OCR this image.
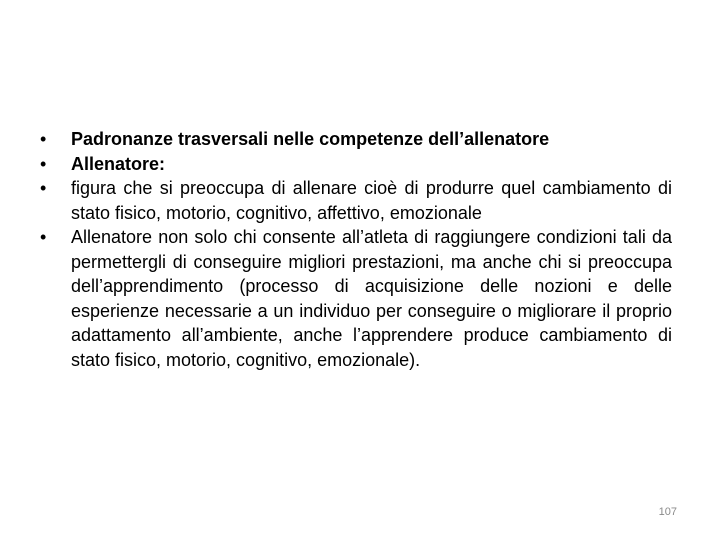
•	Padronanze trasversali nelle competenze dell’allenatore
•	Allenatore:
•	figura che si preoccupa di allenare cioè di produrre quel cambiamento di stato fisico, motorio, cognitivo, affettivo, emozionale
•	Allenatore non solo chi consente all’atleta di raggiungere condizioni tali da permettergli di conseguire migliori prestazioni, ma anche chi si preoccupa dell’apprendimento (processo di acquisizione delle nozioni e delle esperienze necessarie a un individuo per conseguire o migliorare il proprio adattamento all’ambiente, anche l’apprendere produce cambiamento di stato fisico, motorio, cognitivo, emozionale).
107
